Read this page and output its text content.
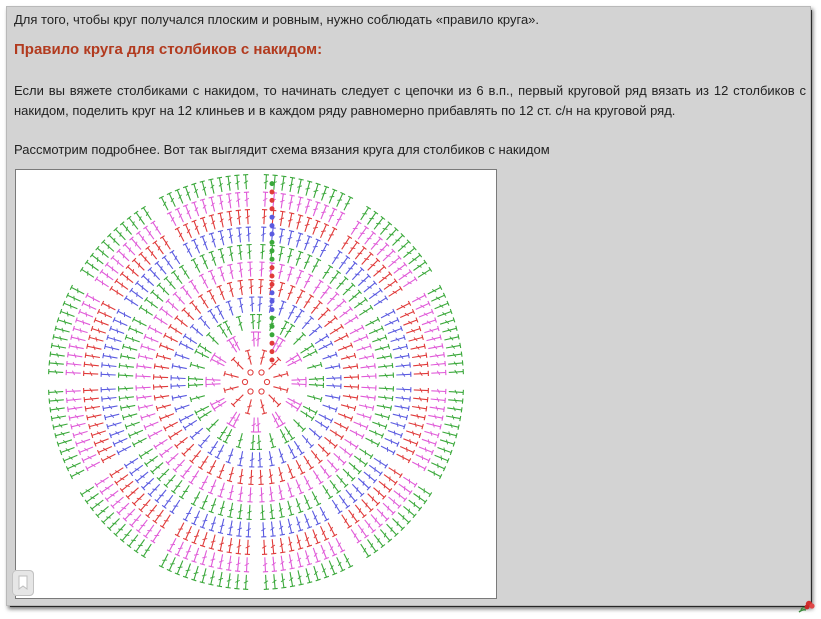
Для того, чтобы круг получался плоским и ровным, нужно соблюдать «правило круга».
Правило круга для столбиков с накидом:
Если вы вяжете столбиками с накидом, то начинать следует с цепочки из 6 в.п., первый круговой ряд вязать из 12 столбиков с накидом, поделить круг на 12 клиньев и в каждом ряду равномерно прибавлять по 12 ст. с/н на круговой ряд.
Рассмотрим подробнее. Вот так выглядит схема вязания круга для столбиков с накидом
